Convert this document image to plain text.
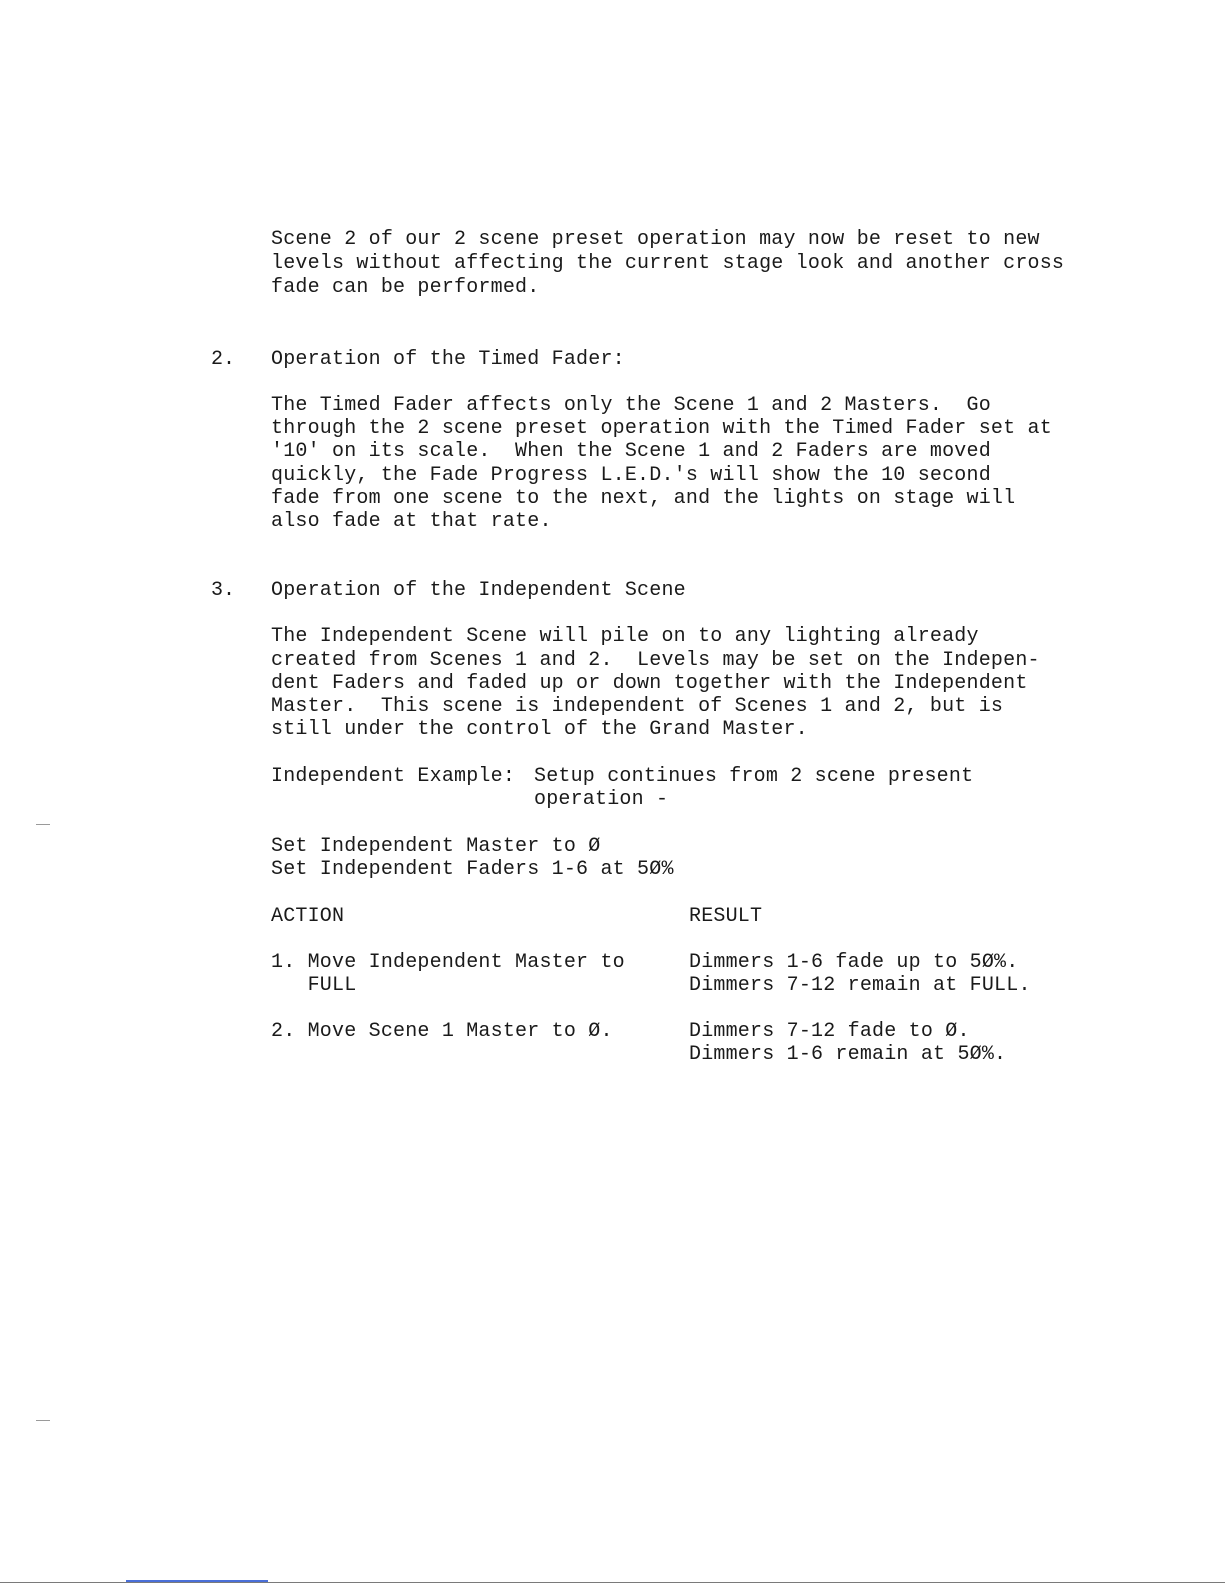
Scene 2 of our 2 scene preset operation may now be reset to new
levels without affecting the current stage look and another cross
fade can be performed.
2. Operation of the Timed Fader:
The Timed Fader affects only the Scene 1 and 2 Masters.  Go
through the 2 scene preset operation with the Timed Fader set at
'10' on its scale.  When the Scene 1 and 2 Faders are moved
quickly, the Fade Progress L.E.D.'s will show the 10 second
fade from one scene to the next, and the lights on stage will
also fade at that rate.
3. Operation of the Independent Scene
The Independent Scene will pile on to any lighting already
created from Scenes 1 and 2.  Levels may be set on the Indepen-
dent Faders and faded up or down together with the Independent
Master.  This scene is independent of Scenes 1 and 2, but is
still under the control of the Grand Master.
Independent Example: Setup continues from 2 scene present
operation -
Set Independent Master to Ø
Set Independent Faders 1-6 at 5Ø%
ACTION	RESULT
1. Move Independent Master to
FULL
Dimmers 1-6 fade up to 5Ø%.
Dimmers 7-12 remain at FULL.
2. Move Scene 1 Master to Ø.	Dimmers 7-12 fade to Ø.
Dimmers 1-6 remain at 5Ø%.
